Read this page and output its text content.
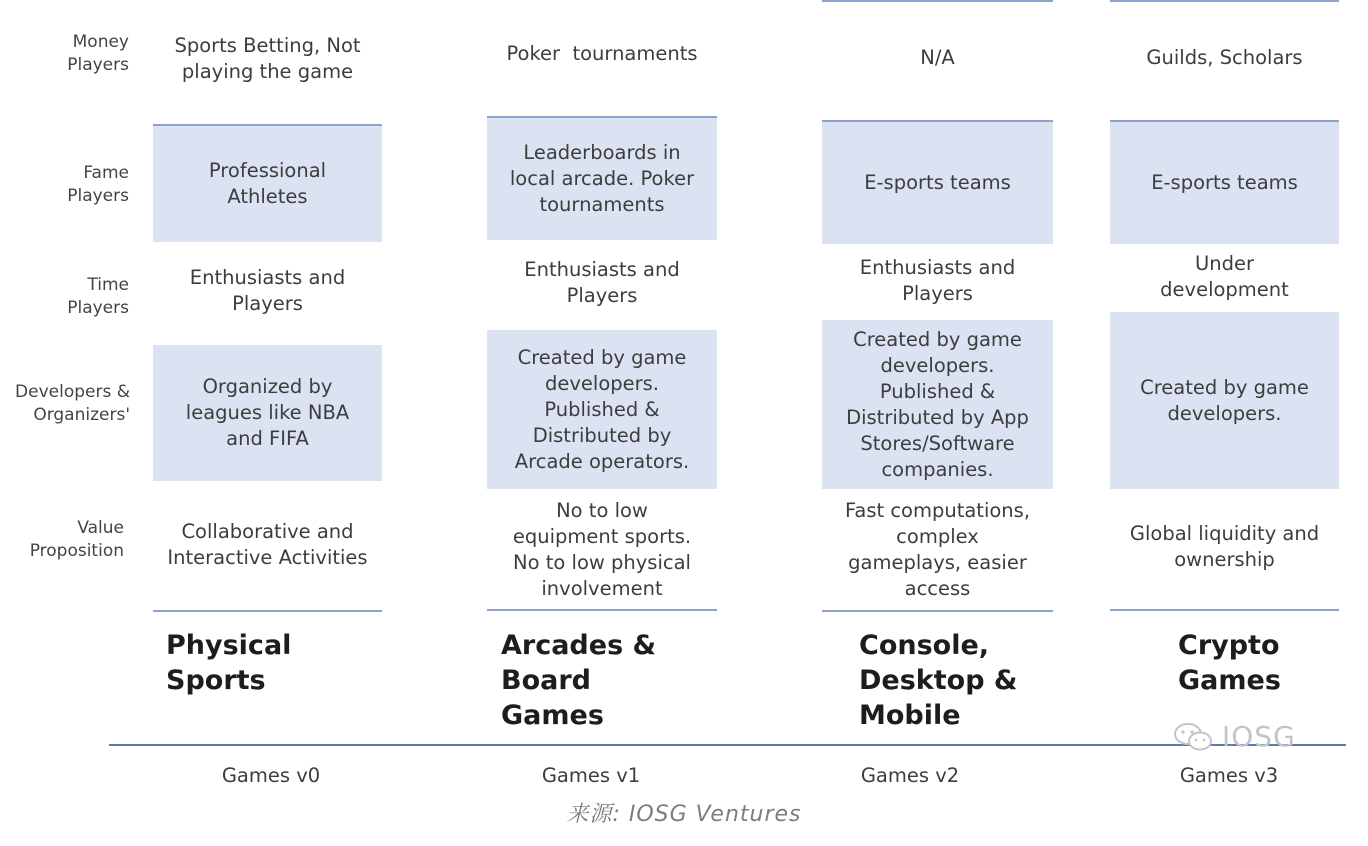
Money
Players
Fame
Players
Time
Players
Developers &
Organizers'
Value
Proposition
Sports Betting, Not
playing the game
Professional
Athletes
Enthusiasts and
Players
Organized by
leagues like NBA
and FIFA
Collaborative and
Interactive Activities
Physical
Sports
Games v0
Poker  tournaments
Leaderboards in
local arcade. Poker
tournaments
Enthusiasts and
Players
Created by game
developers.
Published &
Distributed by
Arcade operators.
No to low
equipment sports.
No to low physical
involvement
Arcades &
Board
Games
Games v1
N/A
E-sports teams
Enthusiasts and
Players
Created by game
developers.
Published &
Distributed by App
Stores/Software
companies.
Fast computations,
complex
gameplays, easier
access
Console,
Desktop &
Mobile
Games v2
Guilds, Scholars
E-sports teams
Under
development
Created by game
developers.
Global liquidity and
ownership
Crypto
Games
Games v3
IOSG
来源: IOSG Ventures
